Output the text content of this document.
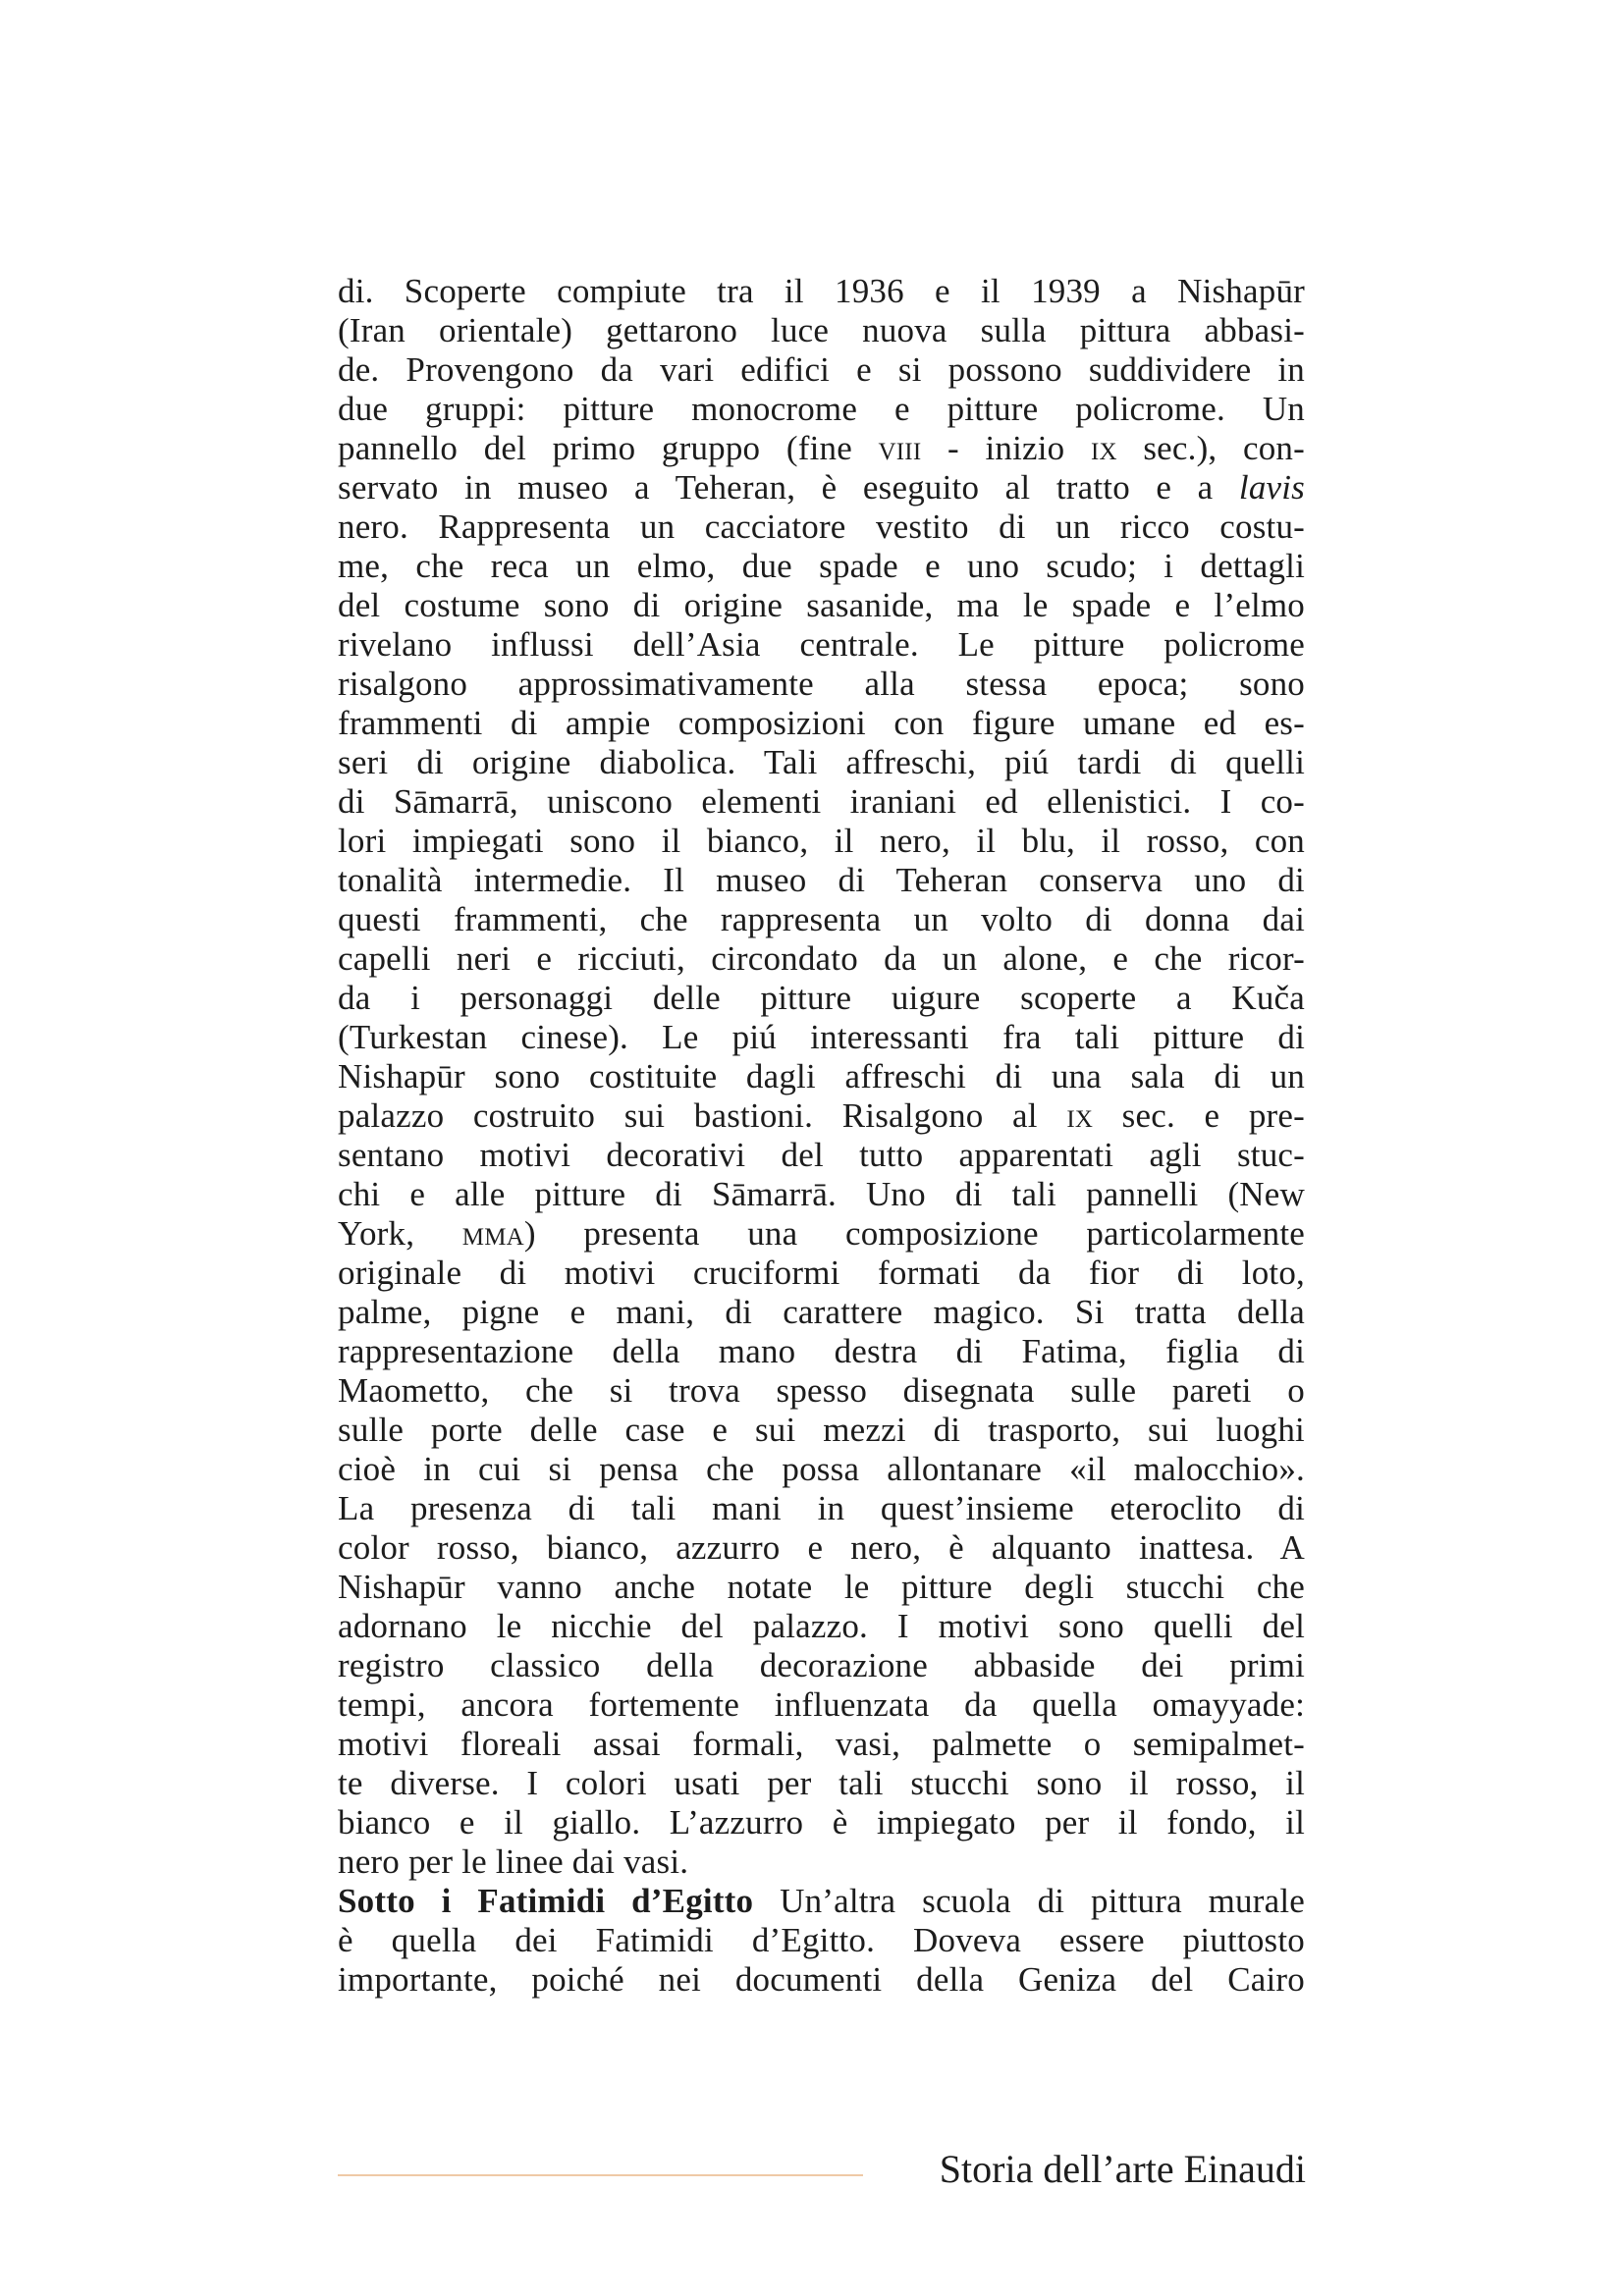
di. Scoperte compiute tra il 1936 e il 1939 a Nishapūr
(Iran orientale) gettarono luce nuova sulla pittura abbasi-
de. Provengono da vari edifici e si possono suddividere in
due gruppi: pitture monocrome e pitture policrome. Un
pannello del primo gruppo (fine viii - inizio ix sec.), con-
servato in museo a Teheran, è eseguito al tratto e a lavis
nero. Rappresenta un cacciatore vestito di un ricco costu-
me, che reca un elmo, due spade e uno scudo; i dettagli
del costume sono di origine sasanide, ma le spade e l’elmo
rivelano influssi dell’Asia centrale. Le pitture policrome
risalgono approssimativamente alla stessa epoca; sono
frammenti di ampie composizioni con figure umane ed es-
seri di origine diabolica. Tali affreschi, piú tardi di quelli
di Sāmarrā, uniscono elementi iraniani ed ellenistici. I co-
lori impiegati sono il bianco, il nero, il blu, il rosso, con
tonalità intermedie. Il museo di Teheran conserva uno di
questi frammenti, che rappresenta un volto di donna dai
capelli neri e ricciuti, circondato da un alone, e che ricor-
da i personaggi delle pitture uigure scoperte a Kuča
(Turkestan cinese). Le piú interessanti fra tali pitture di
Nishapūr sono costituite dagli affreschi di una sala di un
palazzo costruito sui bastioni. Risalgono al ix sec. e pre-
sentano motivi decorativi del tutto apparentati agli stuc-
chi e alle pitture di Sāmarrā. Uno di tali pannelli (New
York, mma) presenta una composizione particolarmente
originale di motivi cruciformi formati da fior di loto,
palme, pigne e mani, di carattere magico. Si tratta della
rappresentazione della mano destra di Fatima, figlia di
Maometto, che si trova spesso disegnata sulle pareti o
sulle porte delle case e sui mezzi di trasporto, sui luoghi
cioè in cui si pensa che possa allontanare «il malocchio».
La presenza di tali mani in quest’insieme eteroclito di
color rosso, bianco, azzurro e nero, è alquanto inattesa. A
Nishapūr vanno anche notate le pitture degli stucchi che
adornano le nicchie del palazzo. I motivi sono quelli del
registro classico della decorazione abbaside dei primi
tempi, ancora fortemente influenzata da quella omayyade:
motivi floreali assai formali, vasi, palmette o semipalmet-
te diverse. I colori usati per tali stucchi sono il rosso, il
bianco e il giallo. L’azzurro è impiegato per il fondo, il
nero per le linee dai vasi.
Sotto i Fatimidi d’Egitto Un’altra scuola di pittura murale
è quella dei Fatimidi d’Egitto. Doveva essere piuttosto
importante, poiché nei documenti della Geniza del Cairo
Storia dell’arte Einaudi
